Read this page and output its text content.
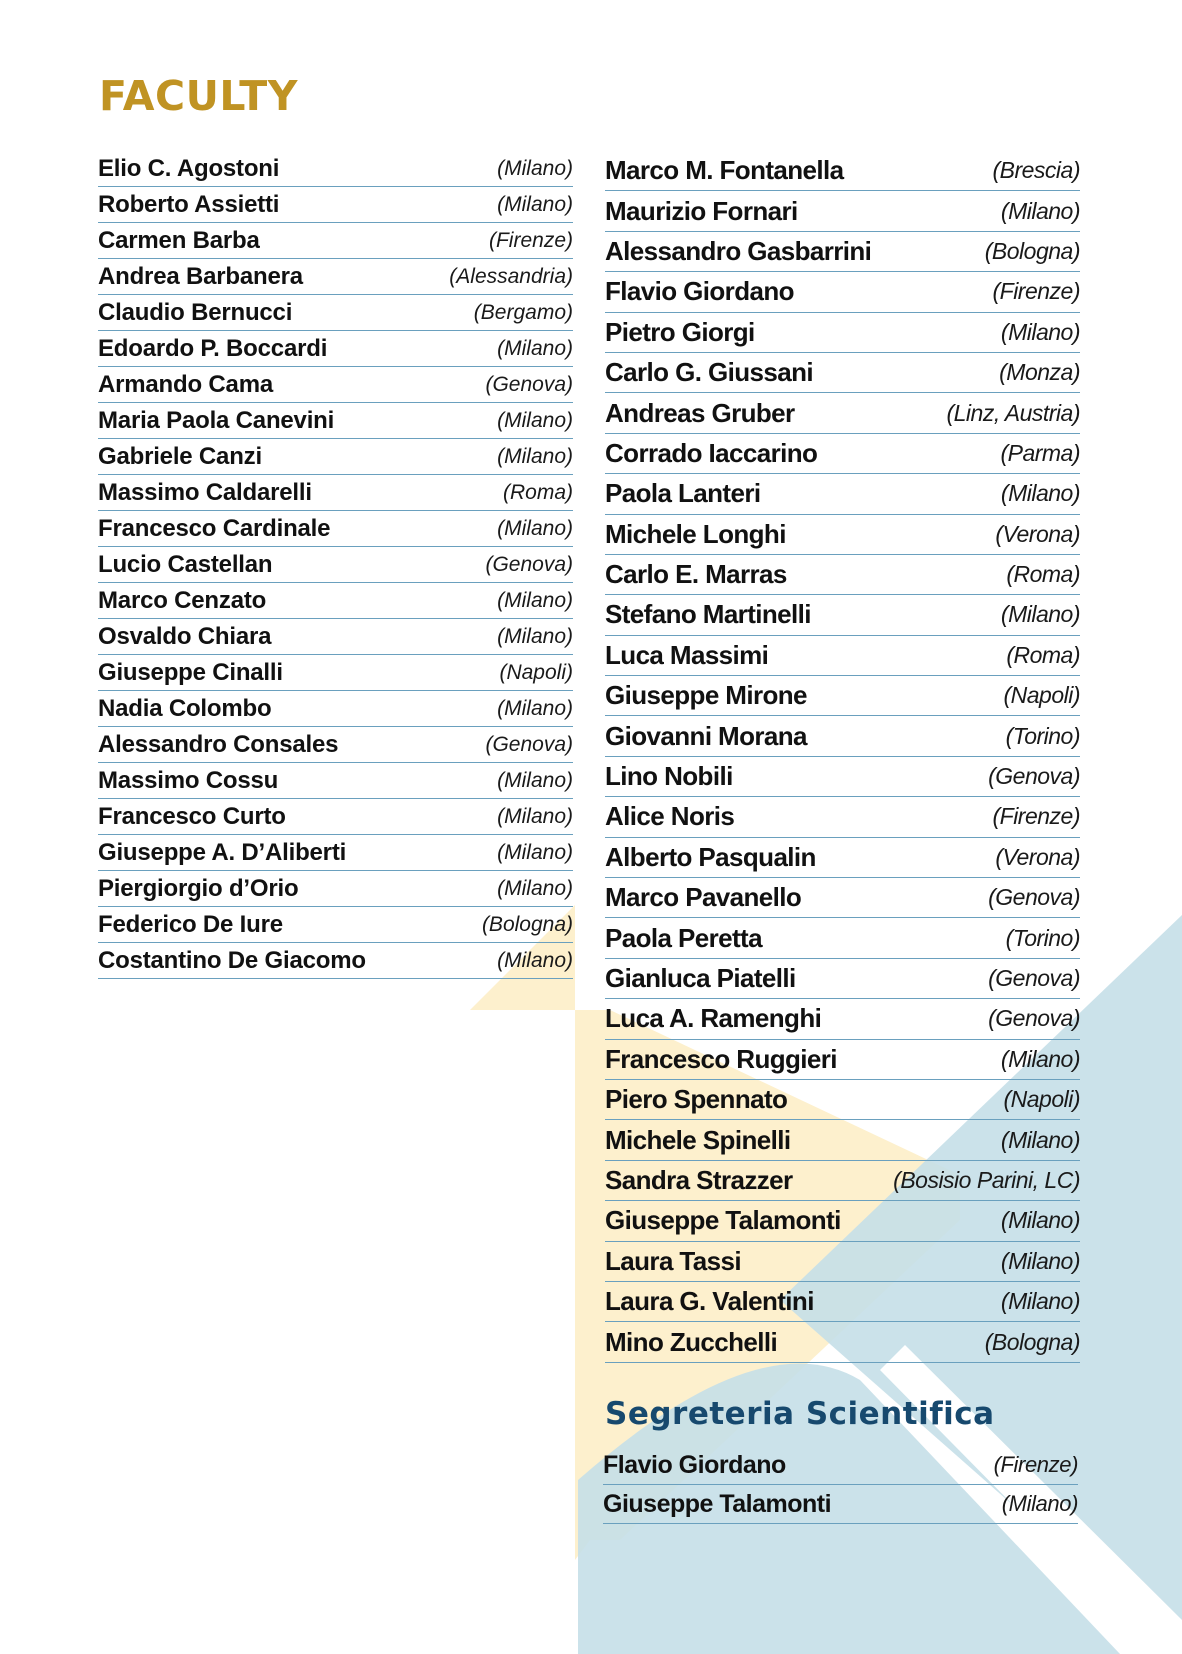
FACULTY
Elio C. Agostoni	(Milano)
Roberto Assietti	(Milano)
Carmen Barba	(Firenze)
Andrea Barbanera	(Alessandria)
Claudio Bernucci	(Bergamo)
Edoardo P. Boccardi	(Milano)
Armando Cama	(Genova)
Maria Paola Canevini	(Milano)
Gabriele Canzi	(Milano)
Massimo Caldarelli	(Roma)
Francesco Cardinale	(Milano)
Lucio Castellan	(Genova)
Marco Cenzato	(Milano)
Osvaldo Chiara	(Milano)
Giuseppe Cinalli	(Napoli)
Nadia Colombo	(Milano)
Alessandro Consales	(Genova)
Massimo Cossu	(Milano)
Francesco Curto	(Milano)
Giuseppe A. D’Aliberti	(Milano)
Piergiorgio d’Orio	(Milano)
Federico De Iure	(Bologna)
Costantino De Giacomo	(Milano)
Marco M. Fontanella	(Brescia)
Maurizio Fornari	(Milano)
Alessandro Gasbarrini	(Bologna)
Flavio Giordano	(Firenze)
Pietro Giorgi	(Milano)
Carlo G. Giussani	(Monza)
Andreas Gruber	(Linz, Austria)
Corrado Iaccarino	(Parma)
Paola Lanteri	(Milano)
Michele Longhi	(Verona)
Carlo E. Marras	(Roma)
Stefano Martinelli	(Milano)
Luca Massimi	(Roma)
Giuseppe Mirone	(Napoli)
Giovanni Morana	(Torino)
Lino Nobili	(Genova)
Alice Noris	(Firenze)
Alberto Pasqualin	(Verona)
Marco Pavanello	(Genova)
Paola Peretta	(Torino)
Gianluca Piatelli	(Genova)
Luca A. Ramenghi	(Genova)
Francesco Ruggieri	(Milano)
Piero Spennato	(Napoli)
Michele Spinelli	(Milano)
Sandra Strazzer	(Bosisio Parini, LC)
Giuseppe Talamonti	(Milano)
Laura Tassi	(Milano)
Laura G. Valentini	(Milano)
Mino Zucchelli	(Bologna)
Segreteria Scientifica
Flavio Giordano	(Firenze)
Giuseppe Talamonti	(Milano)
